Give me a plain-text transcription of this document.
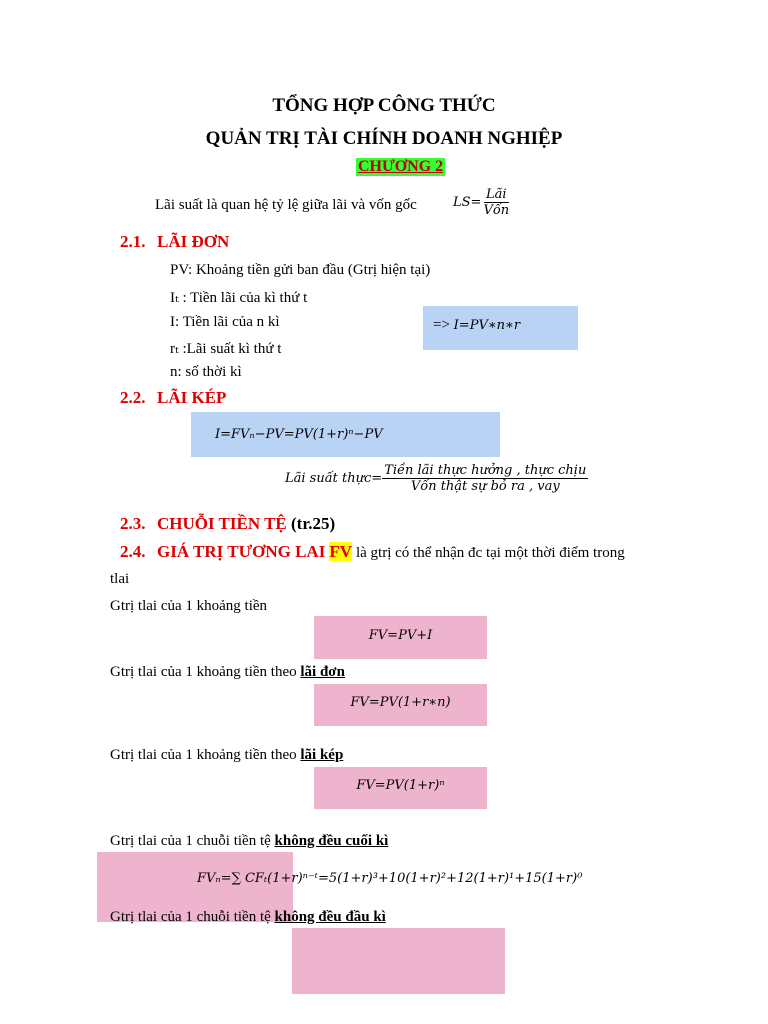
TỔNG HỢP CÔNG THỨC
QUẢN TRỊ TÀI CHÍNH DOANH NGHIỆP
CHƯƠNG 2
Lãi suất là quan hệ tỷ lệ giữa lãi và vốn gốc	$LS= \frac{\text{Lãi}}{\text{Vốn}}$
2.1. LÃI ĐƠN
PV: Khoảng tiền gửi ban đầu (Gtrị hiện tại)
Iₜ : Tiền lãi của kì thứ t
I: Tiền lãi của n kì
rₜ :Lãi suất kì thứ t
n: số thời kì
=> I=PV∗n∗r
2.2. LÃI KÉP
I=FVₙ−PV=PV(1+r)ⁿ−PV
Lãi suất thực= $\frac{\text{Tiền lãi thực hưởng , thực chịu}}{\text{Vốn thật sự bỏ ra , vay}}$
2.3. CHUỖI TIỀN TỆ (tr.25)
2.4. GIÁ TRỊ TƯƠNG LAI FV là gtrị có thể nhận đc tại một thời điểm trong
tlai
Gtrị tlai của 1 khoảng tiền
FV=PV+I
Gtrị tlai của 1 khoảng tiền theo lãi đơn
FV=PV(1+r∗n)
Gtrị tlai của 1 khoảng tiền theo lãi kép
FV=PV(1+r)ⁿ
Gtrị tlai của 1 chuỗi tiền tệ không đều cuối kì
FVₙ=∑ CFₜ(1+r)ⁿ⁻ᵗ=5(1+r)³+10(1+r)²+12(1+r)¹+15(1+r)⁰
Gtrị tlai của 1 chuỗi tiền tệ không đều đầu kì
